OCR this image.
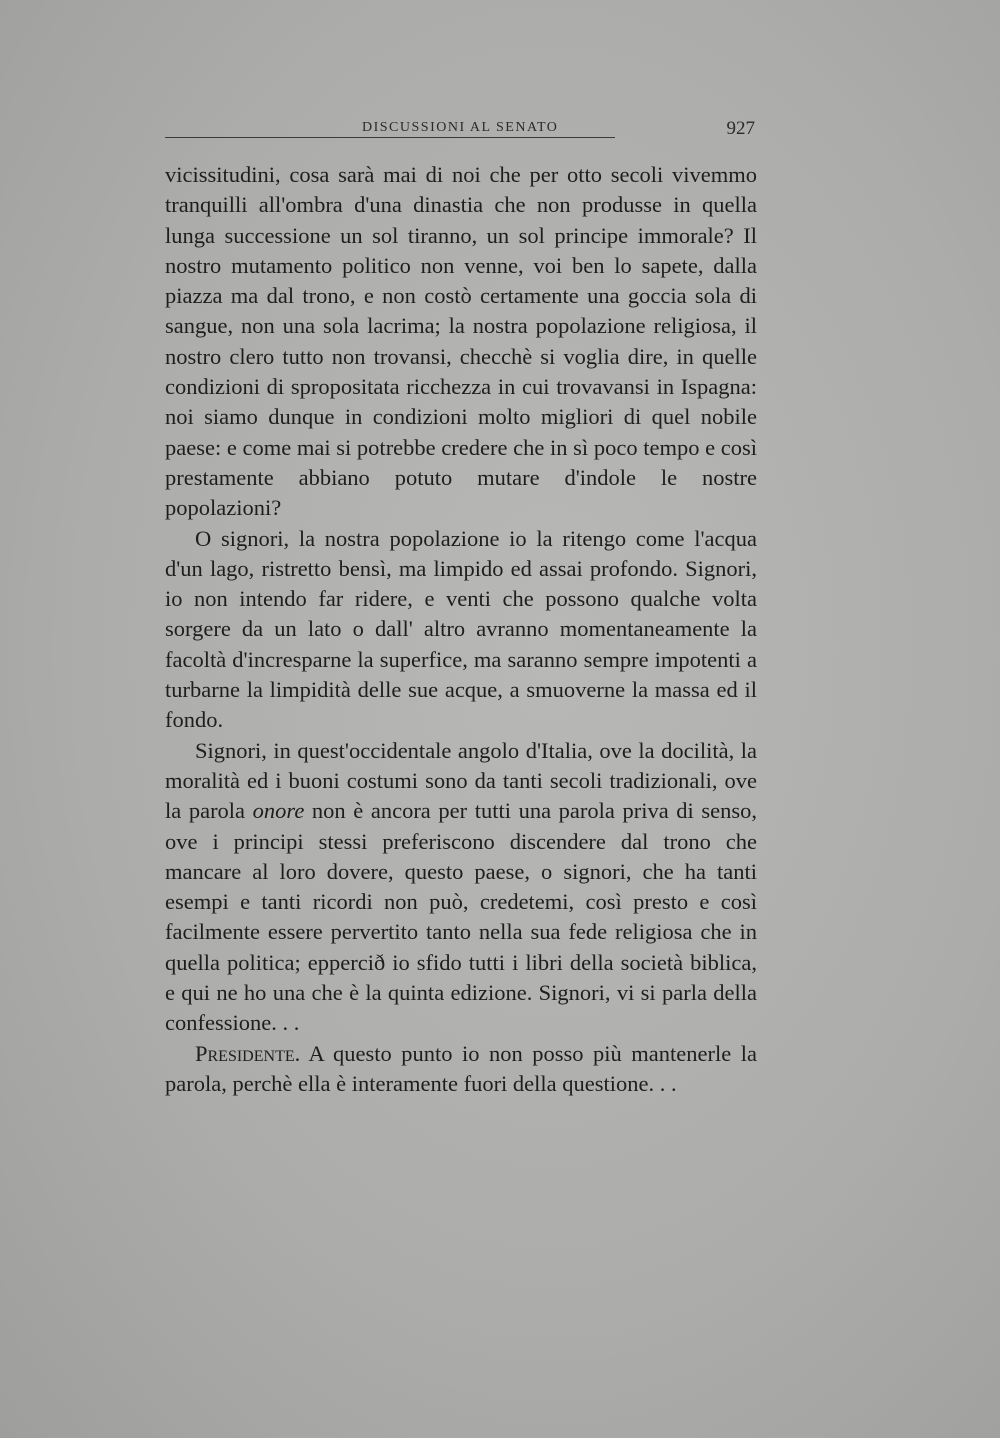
DISCUSSIONI AL SENATO	927

vicissitudini, cosa sarà mai di noi che per otto secoli vivemmo tranquilli all'ombra d'una dinastia che non produsse in quella lunga successione un sol tiranno, un sol principe immorale? Il nostro mutamento politico non venne, voi ben lo sapete, dalla piazza ma dal trono, e non costò certamente una goccia sola di sangue, non una sola lacrima; la nostra popolazione religiosa, il nostro clero tutto non trovansi, checchè si voglia dire, in quelle condizioni di spropositata ricchezza in cui trovavansi in Ispagna: noi siamo dunque in condizioni molto migliori di quel nobile paese: e come mai si potrebbe credere che in sì poco tempo e così prestamente abbiano potuto mutare d'indole le nostre popolazioni?

O signori, la nostra popolazione io la ritengo come l'acqua d'un lago, ristretto bensì, ma limpido ed assai profondo. Signori, io non intendo far ridere, e venti che possono qualche volta sorgere da un lato o dall' altro avranno momentaneamente la facoltà d'incresparne la superfice, ma saranno sempre impotenti a turbarne la limpidità delle sue acque, a smuoverne la massa ed il fondo.

Signori, in quest'occidentale angolo d'Italia, ove la docilità, la moralità ed i buoni costumi sono da tanti secoli tradizionali, ove la parola onore non è ancora per tutti una parola priva di senso, ove i principi stessi preferiscono discendere dal trono che mancare al loro dovere, questo paese, o signori, che ha tanti esempi e tanti ricordi non può, credetemi, così presto e così facilmente essere pervertito tanto nella sua fede religiosa che in quella politica; eppercið io sfido tutti i libri della società biblica, e qui ne ho una che è la quinta edizione. Signori, vi si parla della confessione. . .

Presidente. A questo punto io non posso più mantenerle la parola, perchè ella è interamente fuori della questione. . .
